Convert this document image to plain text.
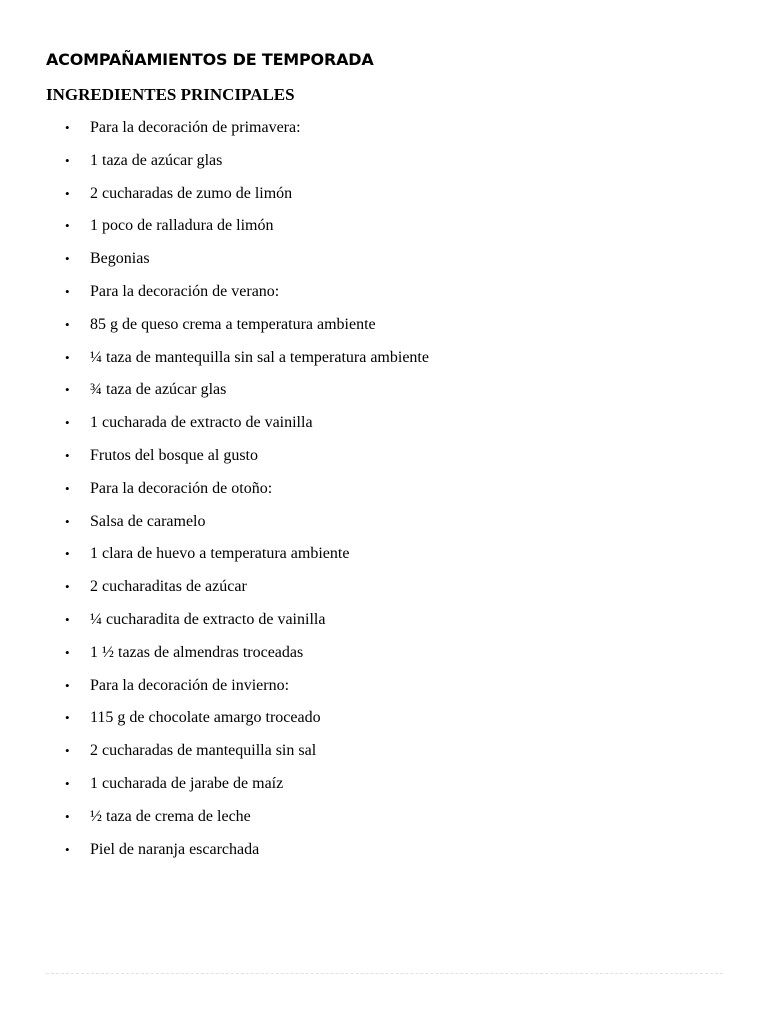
ACOMPAÑAMIENTOS DE TEMPORADA
INGREDIENTES PRINCIPALES
• Para la decoración de primavera:
• 1 taza de azúcar glas
• 2 cucharadas de zumo de limón
• 1 poco de ralladura de limón
• Begonias
• Para la decoración de verano:
• 85 g de queso crema a temperatura ambiente
• ¼ taza de mantequilla sin sal a temperatura ambiente
• ¾ taza de azúcar glas
• 1 cucharada de extracto de vainilla
• Frutos del bosque al gusto
• Para la decoración de otoño:
• Salsa de caramelo
• 1 clara de huevo a temperatura ambiente
• 2 cucharaditas de azúcar
• ¼ cucharadita de extracto de vainilla
• 1 ½ tazas de almendras troceadas
• Para la decoración de invierno:
• 115 g de chocolate amargo troceado
• 2 cucharadas de mantequilla sin sal
• 1 cucharada de jarabe de maíz
• ½ taza de crema de leche
• Piel de naranja escarchada
